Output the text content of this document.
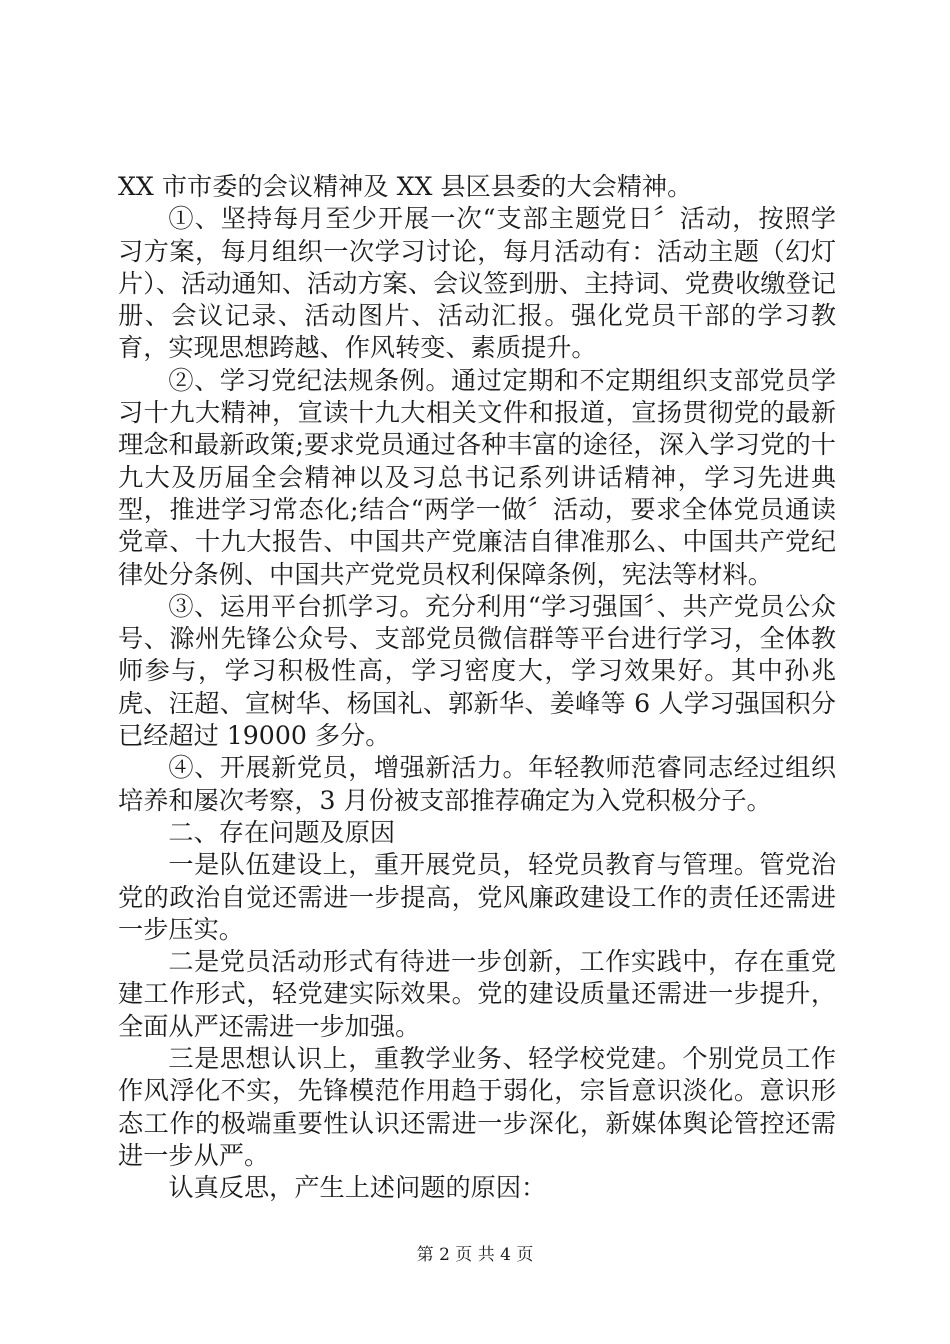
XX 市市委的会议精神及 XX 县区县委的大会精神。

①、坚持每月至少开展一次“支部主题党日〞活动，按照学习方案，每月组织一次学习讨论，每月活动有：活动主题（幻灯片）、活动通知、活动方案、会议签到册、主持词、党费收缴登记册、会议记录、活动图片、活动汇报。强化党员干部的学习教育，实现思想跨越、作风转变、素质提升。

②、学习党纪法规条例。通过定期和不定期组织支部党员学习十九大精神，宣读十九大相关文件和报道，宣扬贯彻党的最新理念和最新政策;要求党员通过各种丰富的途径，深入学习党的十九大及历届全会精神以及习总书记系列讲话精神，学习先进典型，推进学习常态化;结合“两学一做〞活动，要求全体党员通读党章、十九大报告、中国共产党廉洁自律准那么、中国共产党纪律处分条例、中国共产党党员权利保障条例，宪法等材料。

③、运用平台抓学习。充分利用“学习强国〞、共产党员公众号、滁州先锋公众号、支部党员微信群等平台进行学习，全体教师参与，学习积极性高，学习密度大，学习效果好。其中孙兆虎、汪超、宣树华、杨国礼、郭新华、姜峰等 6 人学习强国积分已经超过 19000 多分。

④、开展新党员，增强新活力。年轻教师范睿同志经过组织培养和屡次考察，3 月份被支部推荐确定为入党积极分子。

二、存在问题及原因

一是队伍建设上，重开展党员，轻党员教育与管理。管党治党的政治自觉还需进一步提高，党风廉政建设工作的责任还需进一步压实。

二是党员活动形式有待进一步创新，工作实践中，存在重党建工作形式，轻党建实际效果。党的建设质量还需进一步提升，全面从严还需进一步加强。

三是思想认识上，重教学业务、轻学校党建。个别党员工作作风浮化不实，先锋模范作用趋于弱化，宗旨意识淡化。意识形态工作的极端重要性认识还需进一步深化，新媒体舆论管控还需进一步从严。

认真反思，产生上述问题的原因：

第 2 页 共 4 页
